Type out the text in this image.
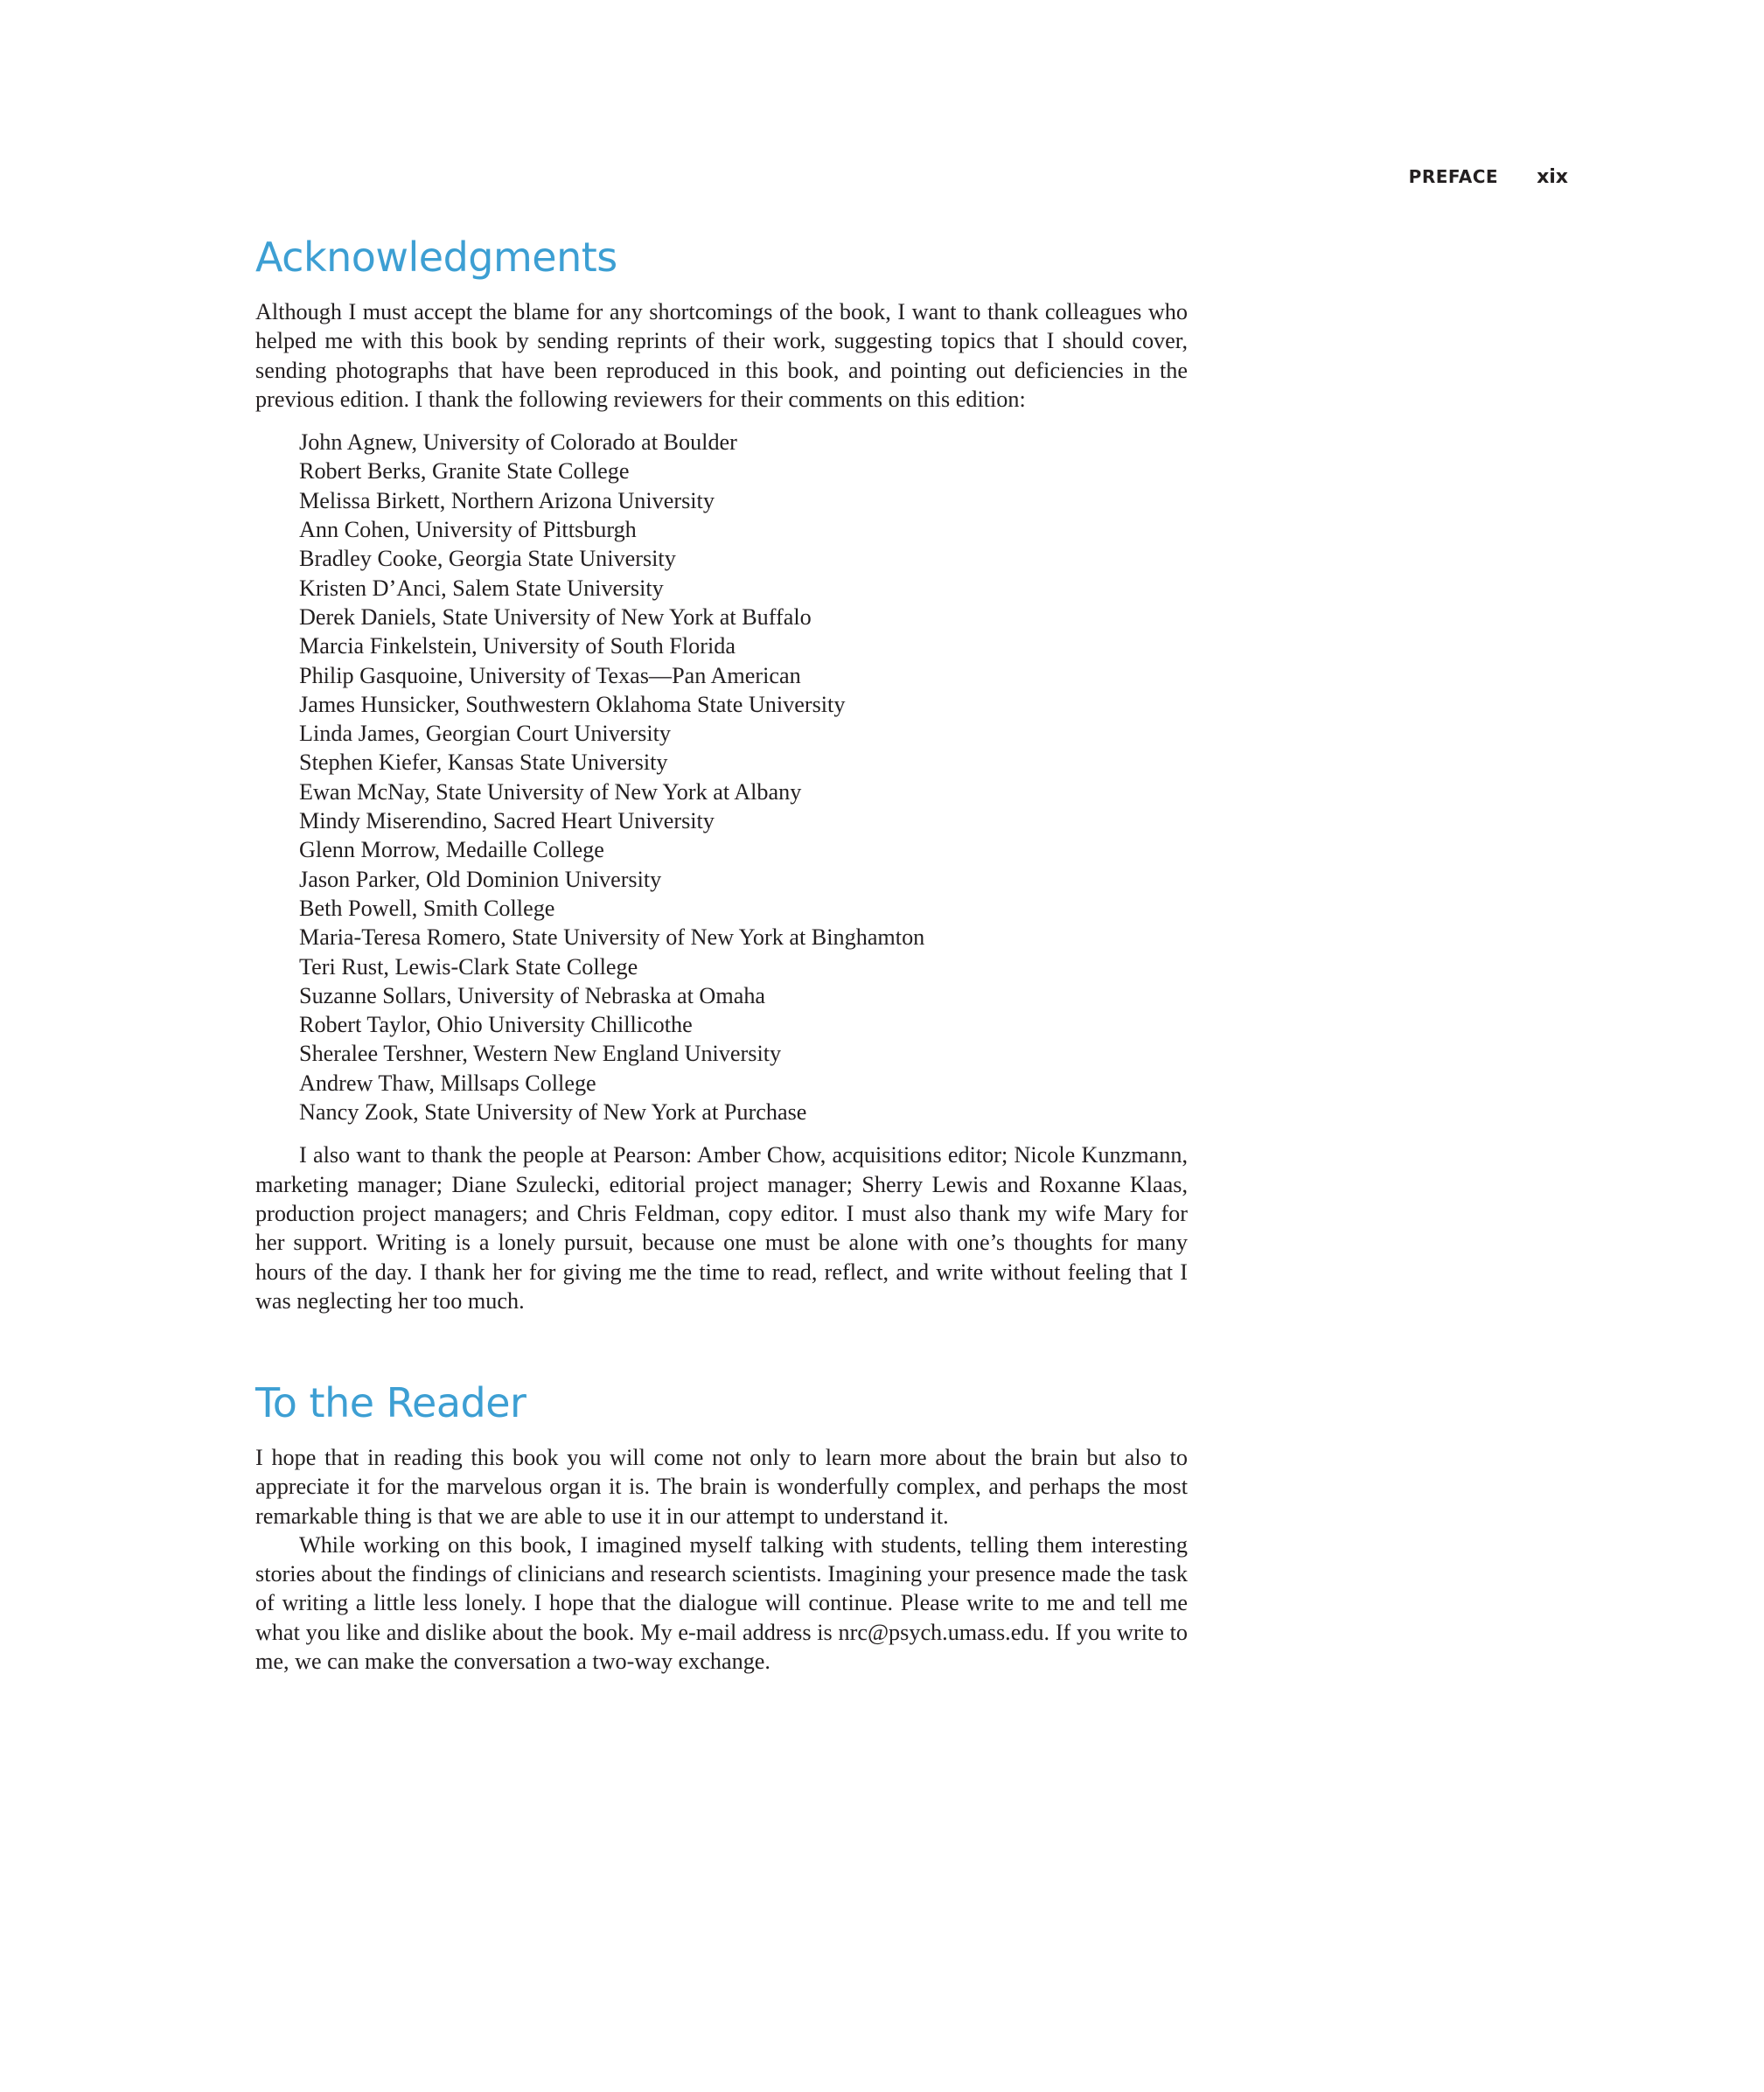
PREFACE xix
Acknowledgments

Although I must accept the blame for any shortcomings of the book, I want to thank colleagues who helped me with this book by sending reprints of their work, suggesting topics that I should cover, sending photographs that have been reproduced in this book, and pointing out deficiencies in the previous edition. I thank the following reviewers for their comments on this edition:

John Agnew, University of Colorado at Boulder
Robert Berks, Granite State College
Melissa Birkett, Northern Arizona University
Ann Cohen, University of Pittsburgh
Bradley Cooke, Georgia State University
Kristen D’Anci, Salem State University
Derek Daniels, State University of New York at Buffalo
Marcia Finkelstein, University of South Florida
Philip Gasquoine, University of Texas—Pan American
James Hunsicker, Southwestern Oklahoma State University
Linda James, Georgian Court University
Stephen Kiefer, Kansas State University
Ewan McNay, State University of New York at Albany
Mindy Miserendino, Sacred Heart University
Glenn Morrow, Medaille College
Jason Parker, Old Dominion University
Beth Powell, Smith College
Maria-Teresa Romero, State University of New York at Binghamton
Teri Rust, Lewis-Clark State College
Suzanne Sollars, University of Nebraska at Omaha
Robert Taylor, Ohio University Chillicothe
Sheralee Tershner, Western New England University
Andrew Thaw, Millsaps College
Nancy Zook, State University of New York at Purchase

I also want to thank the people at Pearson: Amber Chow, acquisitions editor; Nicole Kunzmann, marketing manager; Diane Szulecki, editorial project manager; Sherry Lewis and Roxanne Klaas, production project managers; and Chris Feldman, copy editor. I must also thank my wife Mary for her support. Writing is a lonely pursuit, because one must be alone with one’s thoughts for many hours of the day. I thank her for giving me the time to read, reflect, and write without feeling that I was neglecting her too much.

To the Reader

I hope that in reading this book you will come not only to learn more about the brain but also to appreciate it for the marvelous organ it is. The brain is wonderfully complex, and perhaps the most remarkable thing is that we are able to use it in our attempt to understand it.

While working on this book, I imagined myself talking with students, telling them interesting stories about the findings of clinicians and research scientists. Imagining your presence made the task of writing a little less lonely. I hope that the dialogue will continue. Please write to me and tell me what you like and dislike about the book. My e-mail address is nrc@psych.umass.edu. If you write to me, we can make the conversation a two-way exchange.
